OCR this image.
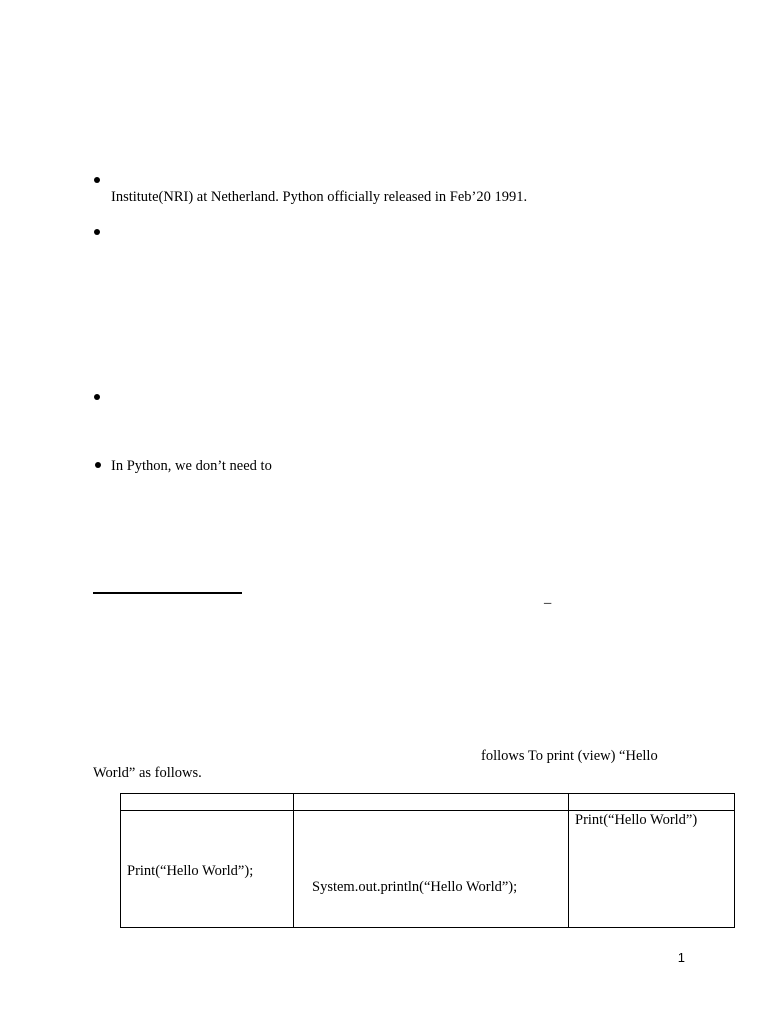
Institute(NRI) at Netherland. Python officially released in Feb’20 1991.
In Python, we don’t need to
–
follows To print (view) “Hello
World” as follows.

Print(“Hello World”);	System.out.println(“Hello World”);	Print(“Hello World”)
1
